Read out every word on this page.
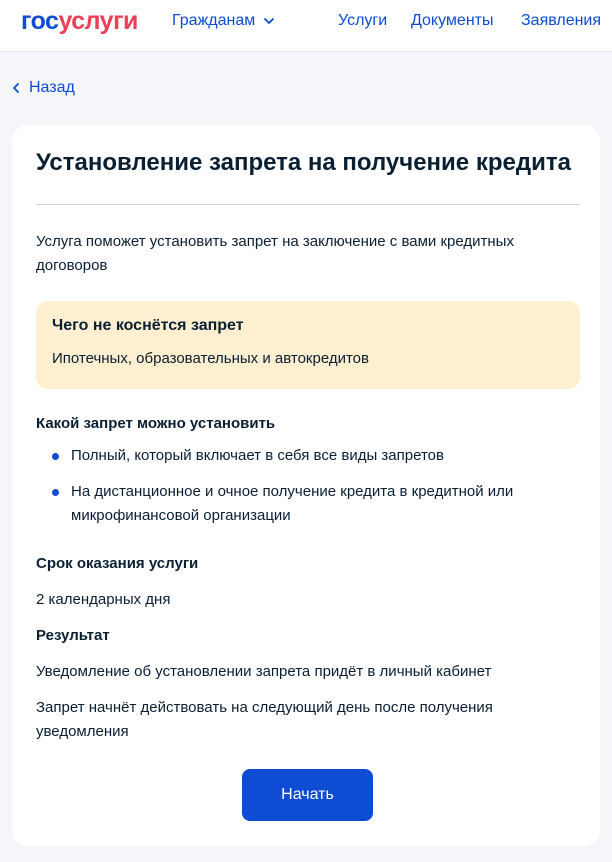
госуслуги Гражданам	Услуги Документы Заявления
Назад
Установление запрета на получение кредита
Услуга поможет установить запрет на заключение с вами кредитных договоров
Чего не коснётся запрет
Ипотечных, образовательных и автокредитов
Какой запрет можно установить
Полный, который включает в себя все виды запретов
На дистанционное и очное получение кредита в кредитной или микрофинансовой организации
Срок оказания услуги
2 календарных дня
Результат
Уведомление об установлении запрета придёт в личный кабинет
Запрет начнёт действовать на следующий день после получения уведомления
Начать
